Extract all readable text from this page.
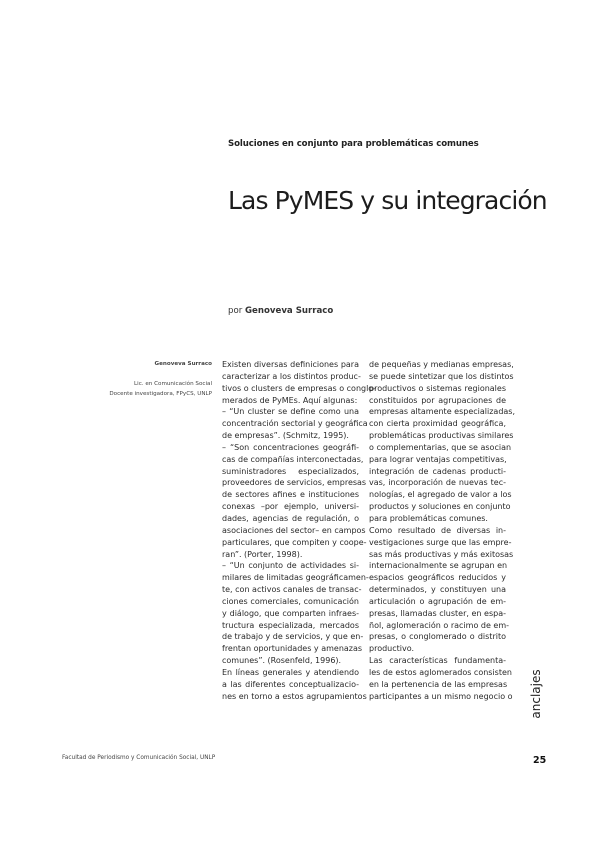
Soluciones en conjunto para problemáticas comunes
Las PyMES y su integración
por Genoveva Surraco
Genoveva Surraco
Lic. en Comunicación Social
Docente investigadora, FPyCS, UNLP
Existen diversas definiciones para
caracterizar a los distintos produc-
tivos o clusters de empresas o conglo-
merados de PyMEs. Aquí algunas:
– “Un cluster se define como una
concentración sectorial y geográfica
de empresas”. (Schmitz, 1995).
– “Son concentraciones geográfi-
cas de compañías interconectadas,
suministradores especializados,
proveedores de servicios, empresas
de sectores afines e instituciones
conexas –por ejemplo, universi-
dades, agencias de regulación, o
asociaciones del sector– en campos
particulares, que compiten y coope-
ran”. (Porter, 1998).
– “Un conjunto de actividades si-
milares de limitadas geográficamen-
te, con activos canales de transac-
ciones comerciales, comunicación
y diálogo, que comparten infraes-
tructura especializada, mercados
de trabajo y de servicios, y que en-
frentan oportunidades y amenazas
comunes”. (Rosenfeld, 1996).
En líneas generales y atendiendo
a las diferentes conceptualizacio-
nes en torno a estos agrupamientos
de pequeñas y medianas empresas,
se puede sintetizar que los distintos
productivos o sistemas regionales
constituidos por agrupaciones de
empresas altamente especializadas,
con cierta proximidad geográfica,
problemáticas productivas similares
o complementarias, que se asocian
para lograr ventajas competitivas,
integración de cadenas producti-
vas, incorporación de nuevas tec-
nologías, el agregado de valor a los
productos y soluciones en conjunto
para problemáticas comunes.
Como resultado de diversas in-
vestigaciones surge que las empre-
sas más productivas y más exitosas
internacionalmente se agrupan en
espacios geográficos reducidos y
determinados, y constituyen una
articulación o agrupación de em-
presas, llamadas cluster, en espa-
ñol, aglomeración o racimo de em-
presas, o conglomerado o distrito
productivo.
Las características fundamenta-
les de estos aglomerados consisten
en la pertenencia de las empresas
participantes a un mismo negocio o anclajes
Facultad de Periodismo y Comunicación Social, UNLP	25
